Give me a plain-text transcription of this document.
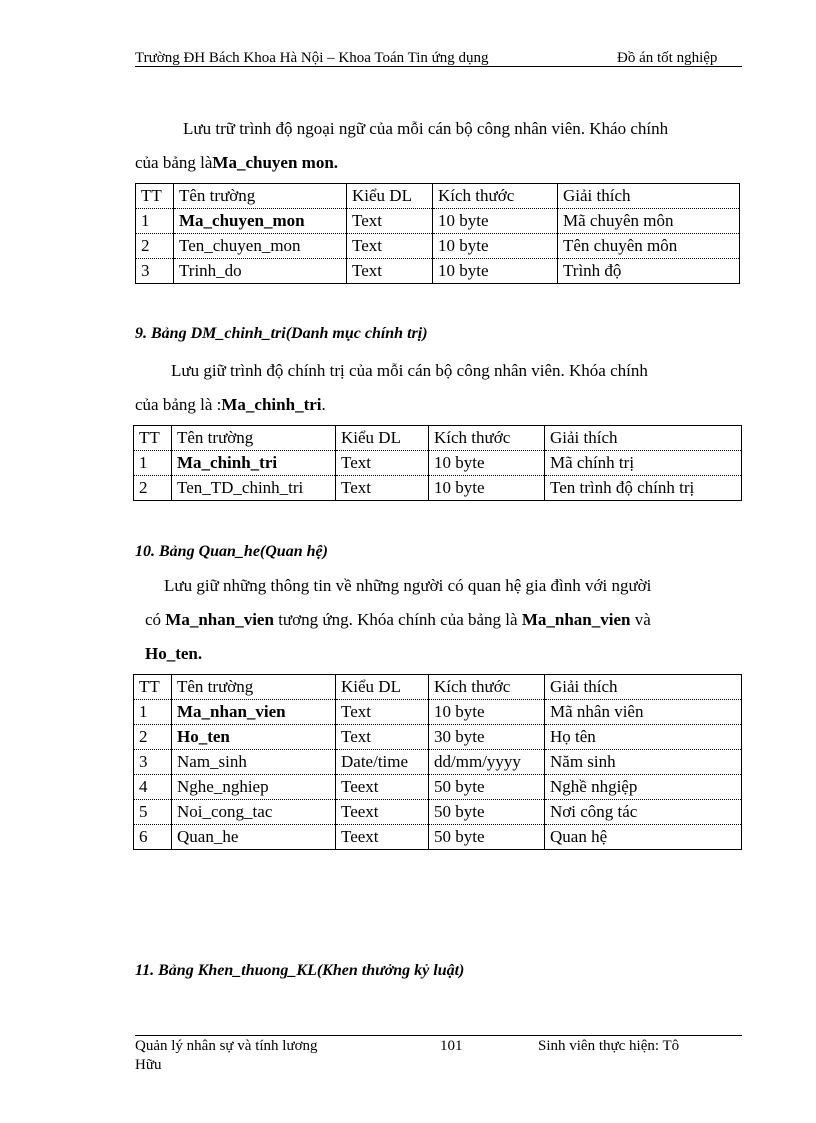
Trường ĐH Bách Khoa Hà Nội – Khoa Toán Tin ứng dụng	Đồ án tốt nghiệp
Lưu trữ trình độ ngoại ngữ của mỗi cán bộ công nhân viên. Kháo chính
của bảng làMa_chuyen mon.
TT	Tên trường	Kiểu DL	Kích thước	Giải thích
1	Ma_chuyen_mon	Text	10 byte	Mã chuyên môn
2	Ten_chuyen_mon	Text	10 byte	Tên chuyên môn
3	Trinh_do	Text	10 byte	Trình độ
9. Bảng DM_chinh_tri(Danh mục chính trị)
Lưu giữ trình độ chính trị của mỗi cán bộ công nhân viên. Khóa chính
của bảng là :Ma_chinh_tri.
TT	Tên trường	Kiểu DL	Kích thước	Giải thích
1	Ma_chinh_tri	Text	10 byte	Mã chính trị
2	Ten_TD_chinh_tri	Text	10 byte	Ten trình độ chính trị
10. Bảng Quan_he(Quan hệ)
Lưu giữ những thông tin về những người có quan hệ gia đình với người
có Ma_nhan_vien tương ứng. Khóa chính của bảng là Ma_nhan_vien và
Ho_ten.
TT	Tên trường	Kiểu DL	Kích thước	Giải thích
1	Ma_nhan_vien	Text	10 byte	Mã nhân viên
2	Ho_ten	Text	30 byte	Họ tên
3	Nam_sinh	Date/time	dd/mm/yyyy	Năm sinh
4	Nghe_nghiep	Teext	50 byte	Nghề nhgiệp
5	Noi_cong_tac	Teext	50 byte	Nơi công tác
6	Quan_he	Teext	50 byte	Quan hệ
11. Bảng Khen_thuong_KL(Khen thưởng kỷ luật)
Quản lý nhân sự và tính lương
Hữu
101	Sinh viên thực hiện: Tô
